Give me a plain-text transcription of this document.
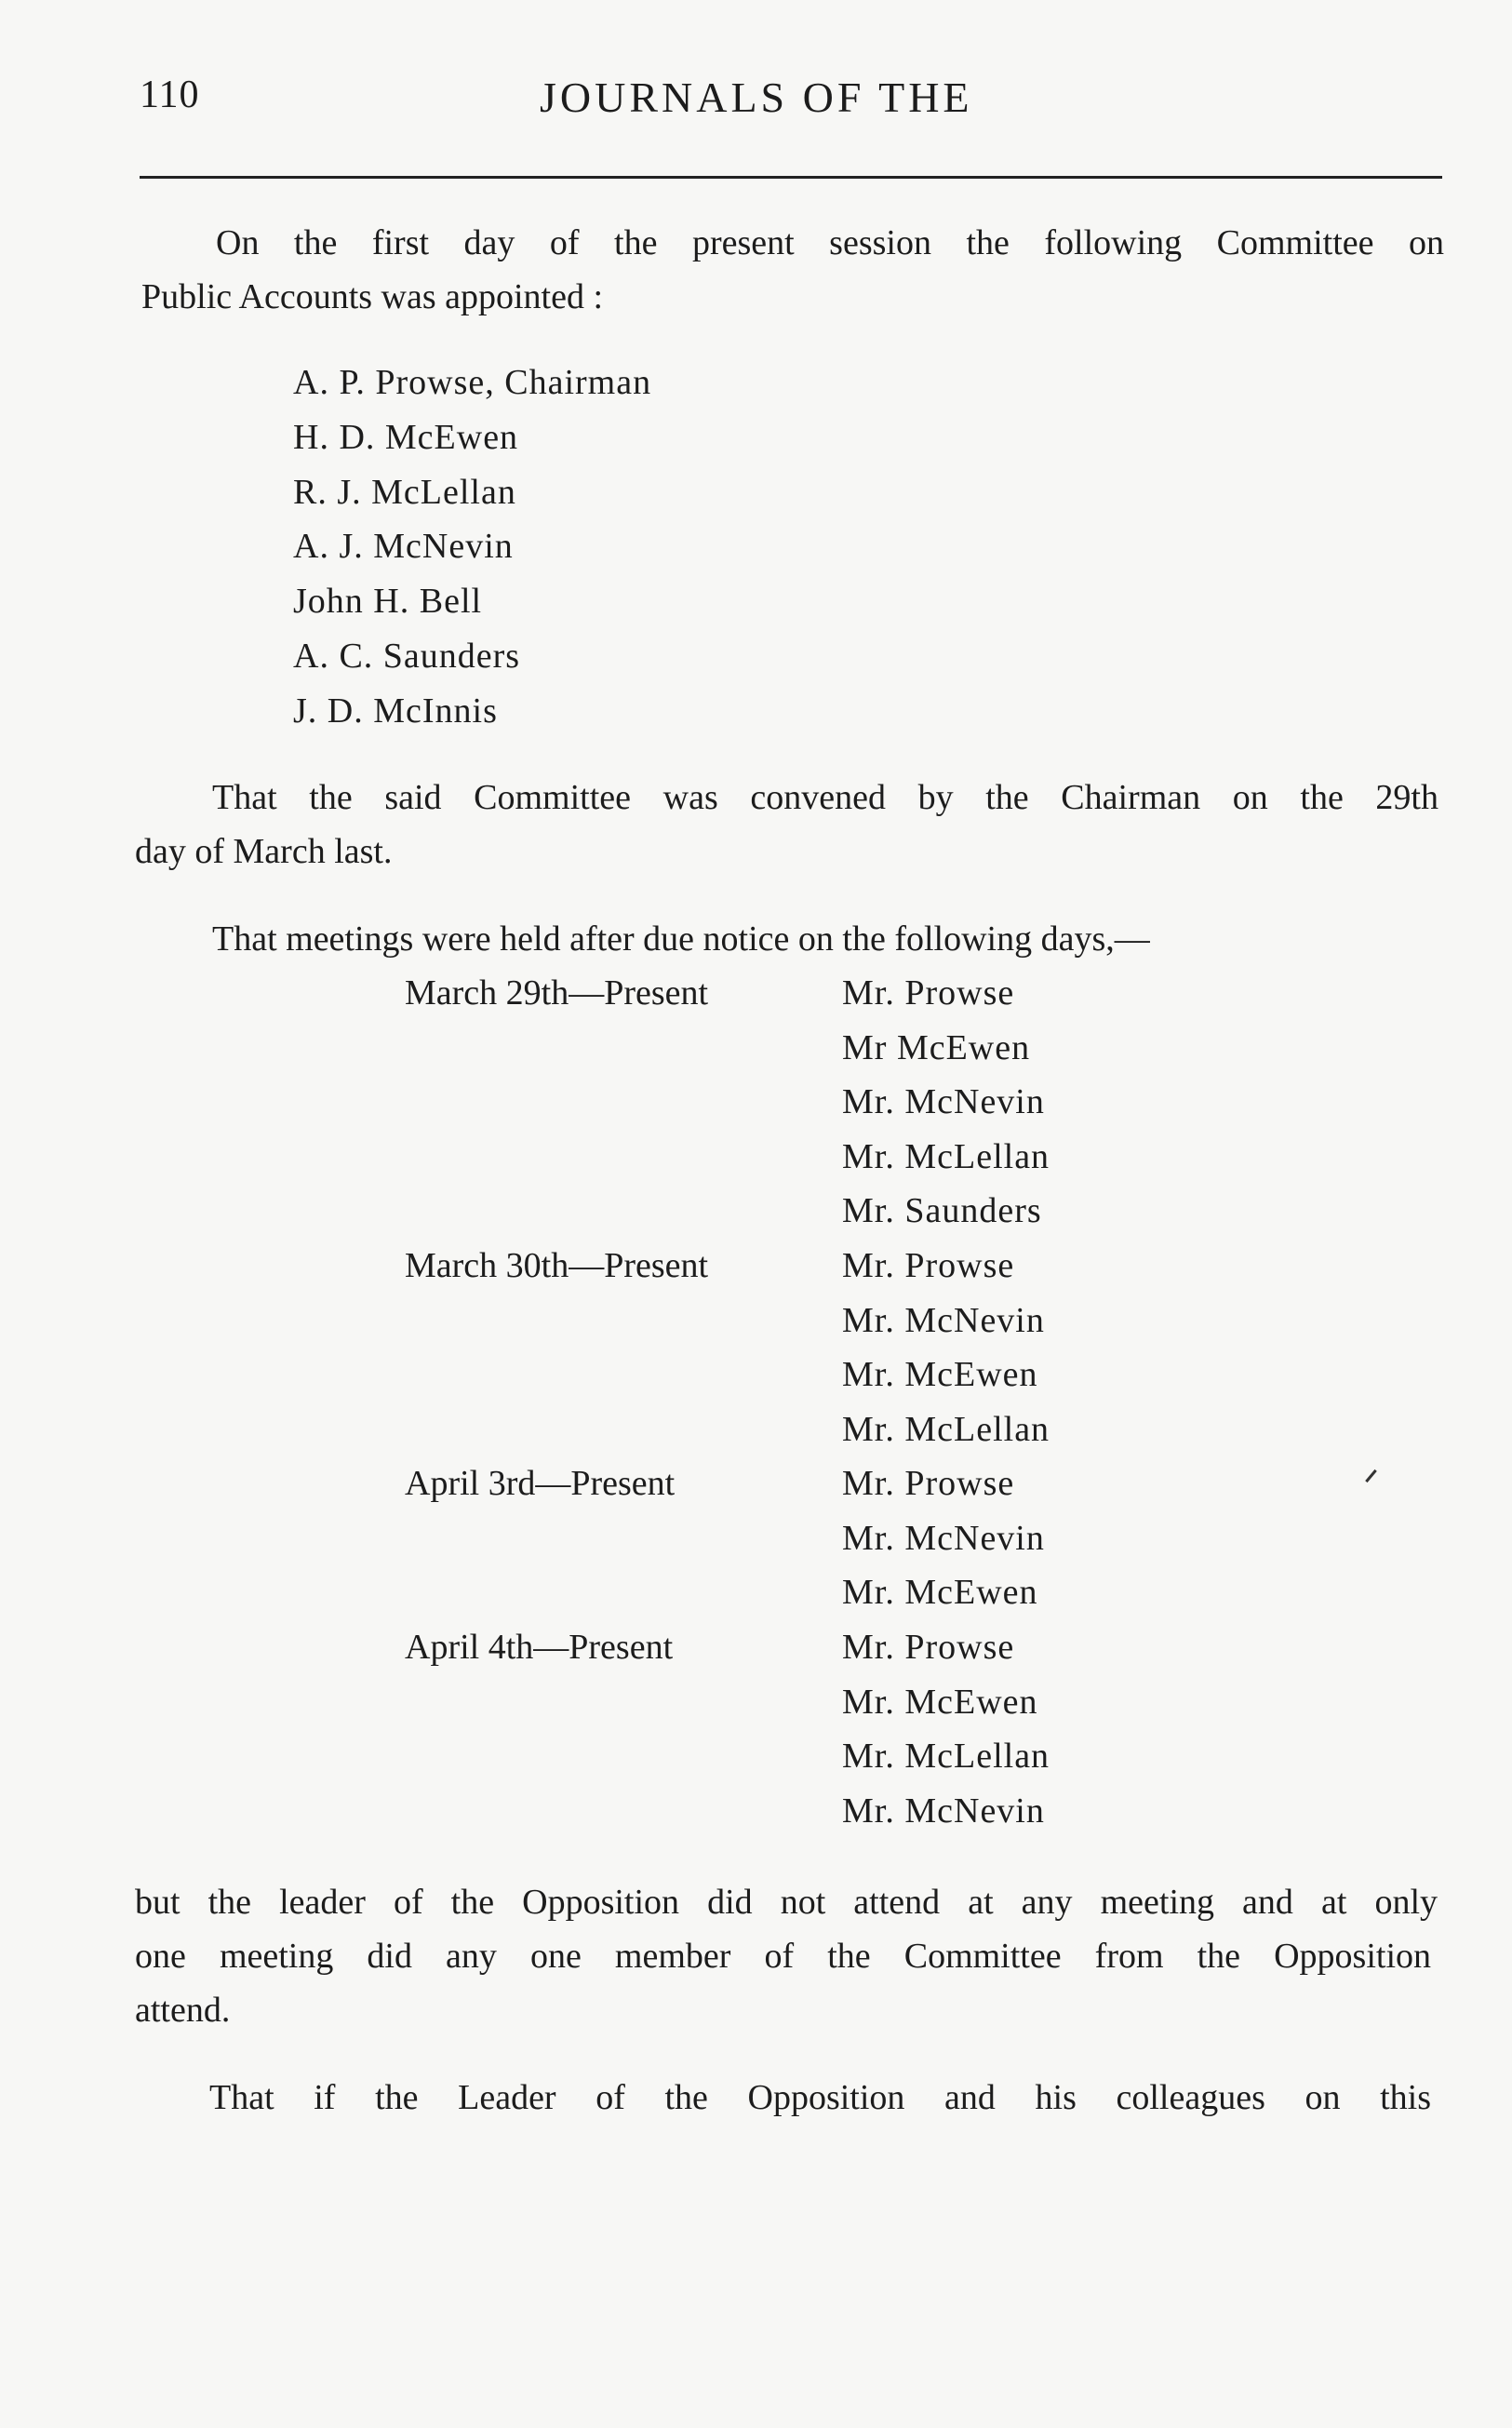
110	JOURNALS OF THE
On the first day of the present session the following Committee on
Public Accounts was appointed :
A. P. Prowse, Chairman
H. D. McEwen
R. J. McLellan
A. J. McNevin
John H. Bell
A. C. Saunders
J. D. McInnis
That the said Committee was convened by the Chairman on the 29th
day of March last.
That meetings were held after due notice on the following days,—
March 29th—Present	Mr. Prowse
Mr McEwen
Mr. McNevin
Mr. McLellan
Mr. Saunders
March 30th—Present	Mr. Prowse
Mr. McNevin
Mr. McEwen
Mr. McLellan
April 3rd—Present	Mr. Prowse
Mr. McNevin
Mr. McEwen
April 4th—Present	Mr. Prowse
Mr. McEwen
Mr. McLellan
Mr. McNevin
but the leader of the Opposition did not attend at any meeting and at only
one meeting did any one member of the Committee from the Opposition
attend.
That if the Leader of the Opposition and his colleagues on this
